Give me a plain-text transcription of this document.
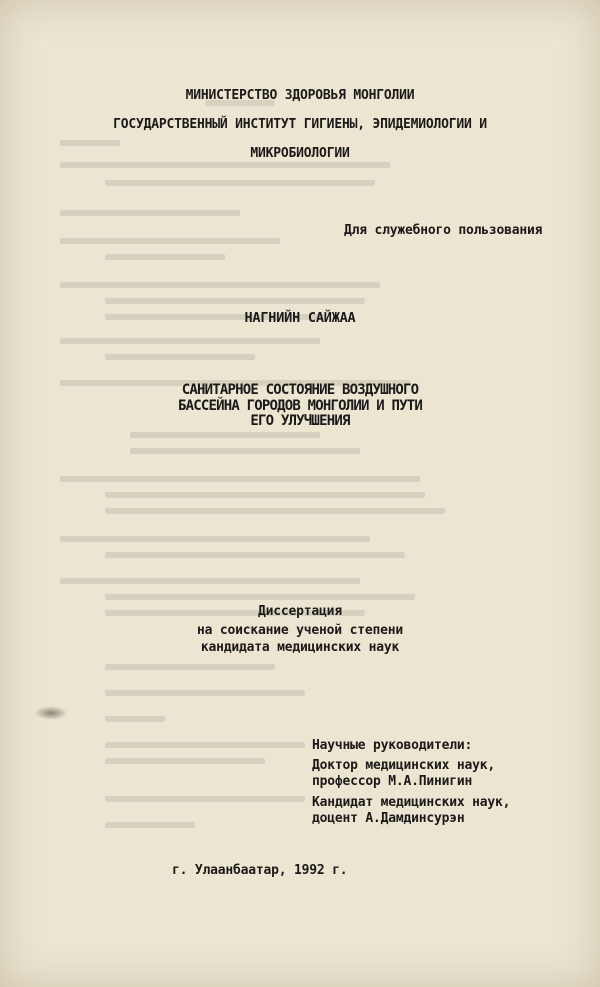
МИНИСТЕРСТВО ЗДОРОВЬЯ МОНГОЛИИ
ГОСУДАРСТВЕННЫЙ ИНСТИТУТ ГИГИЕНЫ, ЭПИДЕМИОЛОГИИ И
МИКРОБИОЛОГИИ
Для служебного пользования
НАГНИЙН САЙЖАА
САНИТАРНОЕ СОСТОЯНИЕ ВОЗДУШНОГО
БАССЕЙНА ГОРОДОВ МОНГОЛИИ И ПУТИ
ЕГО УЛУЧШЕНИЯ
Диссертация
на соискание ученой степени
кандидата медицинских наук
Научные руководители:
Доктор медицинских наук,
профессор М.А.Пинигин
Кандидат медицинских наук,
доцент А.Дамдинсурэн
г. Улаанбаатар, 1992 г.
